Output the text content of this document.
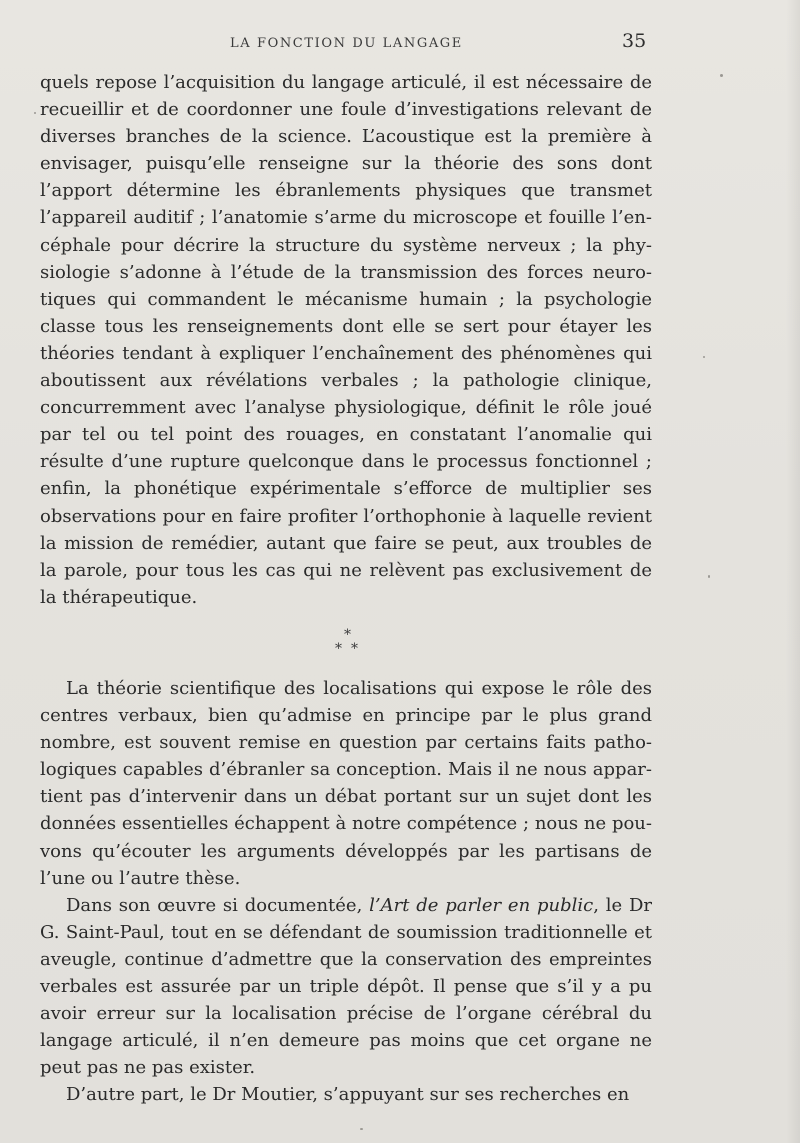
LA FONCTION DU LANGAGE	35

quels repose l’acquisition du langage articulé, il est nécessaire de recueillir et de coordonner une foule d’investigations relevant de diverses branches de la science. L’acoustique est la première à envisager, puisqu’elle renseigne sur la théorie des sons dont l’apport détermine les ébranlements physiques que transmet l’appareil auditif ; l’anatomie s’arme du microscope et fouille l’encéphale pour décrire la structure du système nerveux ; la physiologie s’adonne à l’étude de la transmission des forces neurotiques qui commandent le mécanisme humain ; la psychologie classe tous les renseignements dont elle se sert pour étayer les théories tendant à expliquer l’enchaînement des phénomènes qui aboutissent aux révélations verbales ; la pathologie clinique, concurremment avec l’analyse physiologique, définit le rôle joué par tel ou tel point des rouages, en constatant l’anomalie qui résulte d’une rupture quelconque dans le processus fonctionnel ; enfin, la phonétique expérimentale s’efforce de multiplier ses observations pour en faire profiter l’orthophonie à laquelle revient la mission de remédier, autant que faire se peut, aux troubles de la parole, pour tous les cas qui ne relèvent pas exclusivement de la thérapeutique.

*
* *

La théorie scientifique des localisations qui expose le rôle des centres verbaux, bien qu’admise en principe par le plus grand nombre, est souvent remise en question par certains faits pathologiques capables d’ébranler sa conception. Mais il ne nous appartient pas d’intervenir dans un débat portant sur un sujet dont les données essentielles échappent à notre compétence ; nous ne pouvons qu’écouter les arguments développés par les partisans de l’une ou l’autre thèse.

Dans son œuvre si documentée, l’Art de parler en public, le Dr G. Saint-Paul, tout en se défendant de soumission traditionnelle et aveugle, continue d’admettre que la conservation des empreintes verbales est assurée par un triple dépôt. Il pense que s’il y a pu avoir erreur sur la localisation précise de l’organe cérébral du langage articulé, il n’en demeure pas moins que cet organe ne peut pas ne pas exister.

D’autre part, le Dr Moutier, s’appuyant sur ses recherches en
